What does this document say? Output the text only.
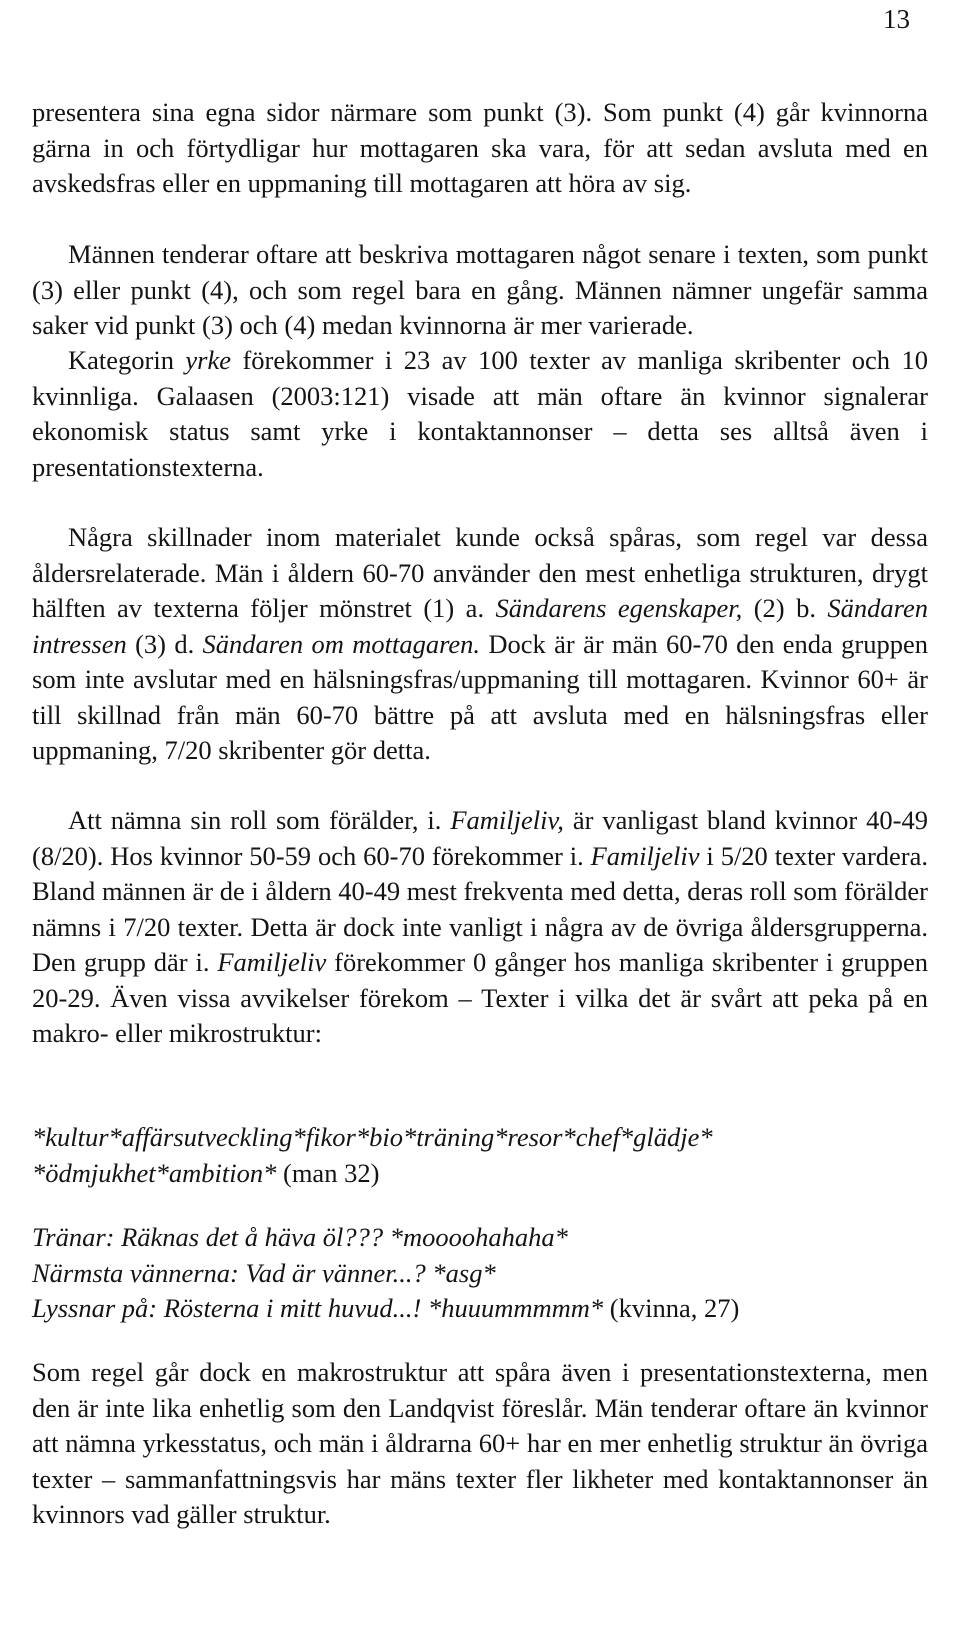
13

presentera sina egna sidor närmare som punkt (3). Som punkt (4) går kvinnorna gärna in och förtydligar hur mottagaren ska vara, för att sedan avsluta med en avskedsfras eller en uppmaning till mottagaren att höra av sig.

Männen tenderar oftare att beskriva mottagaren något senare i texten, som punkt (3) eller punkt (4), och som regel bara en gång. Männen nämner ungefär samma saker vid punkt (3) och (4) medan kvinnorna är mer varierade.

Kategorin yrke förekommer i 23 av 100 texter av manliga skribenter och 10 kvinnliga. Galaasen (2003:121) visade att män oftare än kvinnor signalerar ekonomisk status samt yrke i kontaktannonser – detta ses alltså även i presentationstexterna.

Några skillnader inom materialet kunde också spåras, som regel var dessa åldersrelaterade. Män i åldern 60-70 använder den mest enhetliga strukturen, drygt hälften av texterna följer mönstret (1) a. Sändarens egenskaper, (2) b. Sändaren intressen (3) d. Sändaren om mottagaren. Dock är är män 60-70 den enda gruppen som inte avslutar med en hälsningsfras/uppmaning till mottagaren. Kvinnor 60+ är till skillnad från män 60-70 bättre på att avsluta med en hälsningsfras eller uppmaning, 7/20 skribenter gör detta.

Att nämna sin roll som förälder, i. Familjeliv, är vanligast bland kvinnor 40-49 (8/20). Hos kvinnor 50-59 och 60-70 förekommer i. Familjeliv i 5/20 texter vardera. Bland männen är de i åldern 40-49 mest frekventa med detta, deras roll som förälder nämns i 7/20 texter. Detta är dock inte vanligt i några av de övriga åldersgrupperna. Den grupp där i. Familjeliv förekommer 0 gånger hos manliga skribenter i gruppen 20-29. Även vissa avvikelser förekom – Texter i vilka det är svårt att peka på en makro- eller mikrostruktur:

*kultur*affärsutveckling*fikor*bio*träning*resor*chef*glädje*
*ödmjukhet*ambition* (man 32)
Tränar: Räknas det å häva öl??? *moooohahaha*
Närmsta vännerna: Vad är vänner...? *asg*
Lyssnar på: Rösterna i mitt huvud...! *huuummmmm* (kvinna, 27)

Som regel går dock en makrostruktur att spåra även i presentationstexterna, men den är inte lika enhetlig som den Landqvist föreslår. Män tenderar oftare än kvinnor att nämna yrkesstatus, och män i åldrarna 60+ har en mer enhetlig struktur än övriga texter – sammanfattningsvis har mäns texter fler likheter med kontaktannonser än kvinnors vad gäller struktur.
